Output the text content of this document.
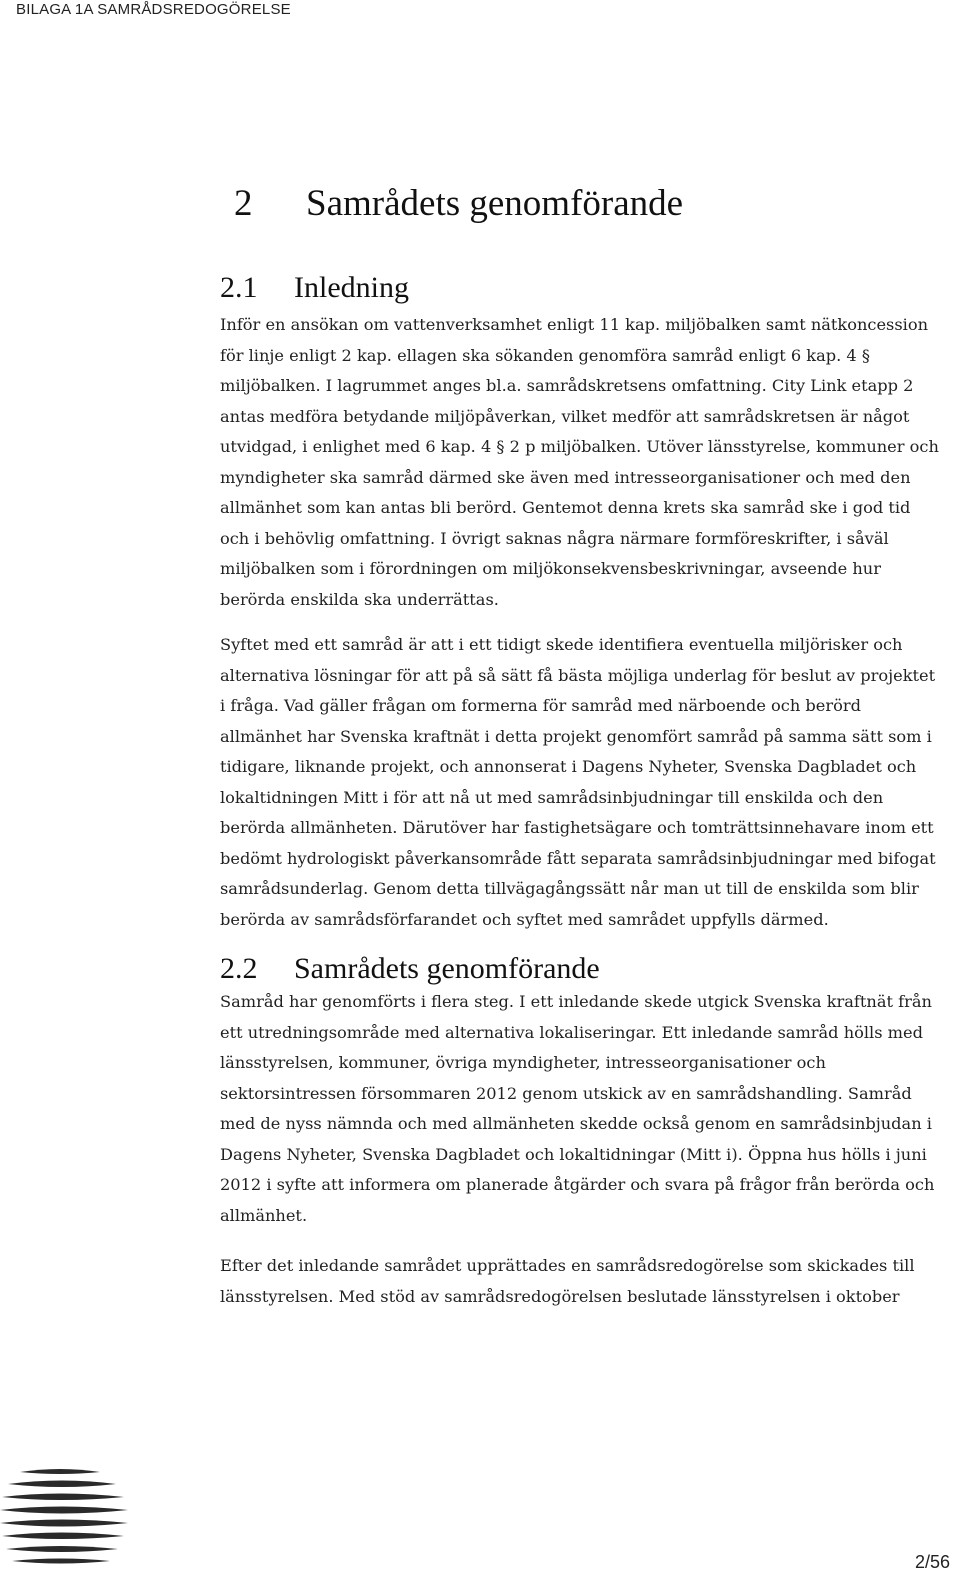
BILAGA 1A SAMRÅDSREDOGÖRELSE
2 Samrådets genomförande
2.1 Inledning

Inför en ansökan om vattenverksamhet enligt 11 kap. miljöbalken samt nätkoncession för linje enligt 2 kap. ellagen ska sökanden genomföra samråd enligt 6 kap. 4 § miljöbalken. I lagrummet anges bl.a. samrådskretsens omfattning. City Link etapp 2 antas medföra betydande miljöpåverkan, vilket medför att samrådskretsen är något utvidgad, i enlighet med 6 kap. 4 § 2 p miljöbalken. Utöver länsstyrelse, kommuner och myndigheter ska samråd därmed ske även med intresseorganisationer och med den allmänhet som kan antas bli berörd. Gentemot denna krets ska samråd ske i god tid och i behövlig omfattning. I övrigt saknas några närmare formföreskrifter, i såväl miljöbalken som i förordningen om miljökonsekvensbeskrivningar, avseende hur berörda enskilda ska underrättas.

Syftet med ett samråd är att i ett tidigt skede identifiera eventuella miljörisker och alternativa lösningar för att på så sätt få bästa möjliga underlag för beslut av projektet i fråga. Vad gäller frågan om formerna för samråd med närboende och berörd allmänhet har Svenska kraftnät i detta projekt genomfört samråd på samma sätt som i tidigare, liknande projekt, och annonserat i Dagens Nyheter, Svenska Dagbladet och lokaltidningen Mitt i för att nå ut med samrådsinbjudningar till enskilda och den berörda allmänheten. Därutöver har fastighetsägare och tomträttsinnehavare inom ett bedömt hydrologiskt påverkansområde fått separata samrådsinbjudningar med bifogat samrådsunderlag. Genom detta tillvägagångssätt når man ut till de enskilda som blir berörda av samrådsförfarandet och syftet med samrådet uppfylls därmed.

2.2 Samrådets genomförande

Samråd har genomförts i flera steg. I ett inledande skede utgick Svenska kraftnät från ett utredningsområde med alternativa lokaliseringar. Ett inledande samråd hölls med länsstyrelsen, kommuner, övriga myndigheter, intresseorganisationer och sektorsintressen försommaren 2012 genom utskick av en samrådshandling. Samråd med de nyss nämnda och med allmänheten skedde också genom en samrådsinbjudan i Dagens Nyheter, Svenska Dagbladet och lokaltidningar (Mitt i). Öppna hus hölls i juni 2012 i syfte att informera om planerade åtgärder och svara på frågor från berörda och allmänhet.

Efter det inledande samrådet upprättades en samrådsredogörelse som skickades till länsstyrelsen. Med stöd av samrådsredogörelsen beslutade länsstyrelsen i oktober

2/56
